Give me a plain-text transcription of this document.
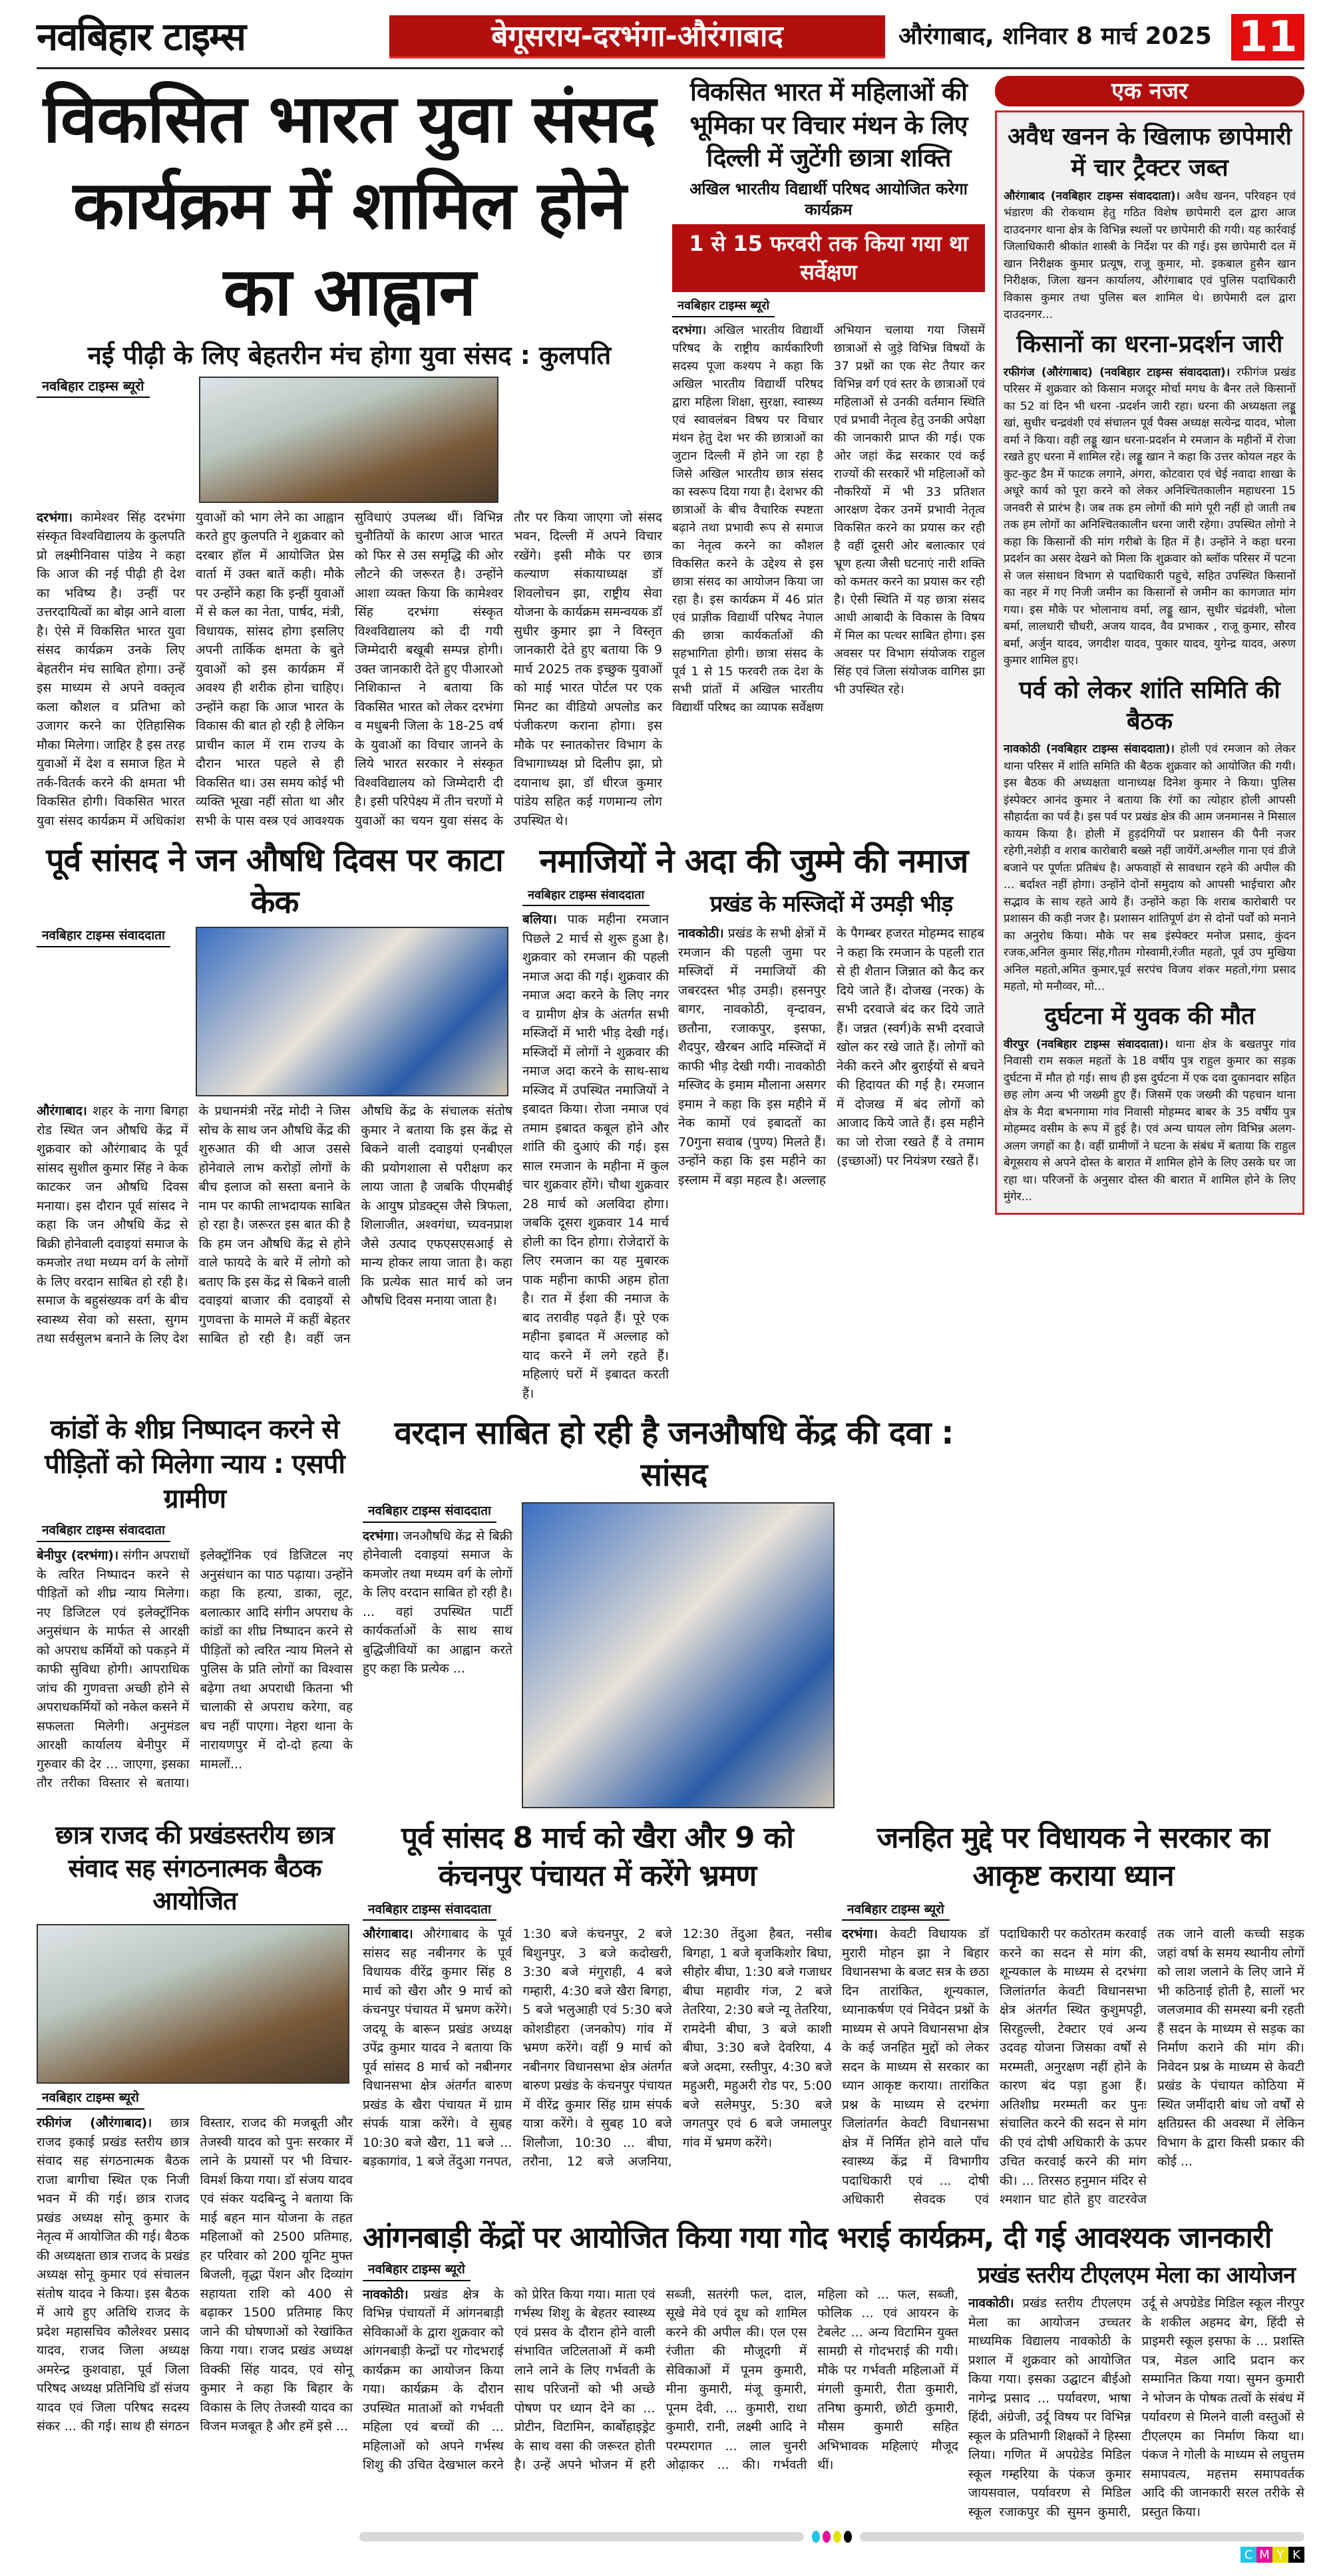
नवबिहार टाइम्स	बेगूसराय-दरभंगा-औरंगाबाद	औरंगाबाद, शनिवार 8 मार्च 2025 11
विकसित भारत युवा संसद कार्यक्रम में शामिल होने का आह्वान
नई पीढ़ी के लिए बेहतरीन मंच होगा युवा संसद : कुलपति
नवबिहार टाइम्स ब्यूरो

दरभंगा। कामेश्वर सिंह दरभंगा संस्कृत विश्वविद्यालय के कुलपति प्रो लक्ष्मीनिवास पांडेय ने कहा कि आज की नई पीढ़ी ही देश का भविष्य है। उन्हीं पर उत्तरदायित्वों का बोझ आने वाला है। ऐसे में विकसित भारत युवा संसद कार्यक्रम उनके लिए बेहतरीन मंच साबित होगा। उन्हें इस माध्यम से अपने वक्तृत्व कला कौशल व प्रतिभा को उजागर करने का ऐतिहासिक मौका मिलेगा। जाहिर है इस तरह युवाओं में देश व समाज हित मे तर्क-वितर्क करने की क्षमता भी विकसित होगी। विकसित भारत युवा संसद कार्यक्रम में अधिकांश युवाओं को भाग लेने का आह्वान करते हुए कुलपति ने शुक्रवार को दरबार हॉल में आयोजित प्रेस वार्ता में उक्त बातें कही। मौके पर उन्होंने कहा कि इन्हीं युवाओं में से कल का नेता, पार्षद, मंत्री, विधायक, सांसद होगा इसलिए अपनी तार्किक क्षमता के बुते युवाओं को इस कार्यक्रम में अवश्य ही शरीक होना चाहिए। उन्होंने कहा कि आज भारत के विकास की बात हो रही है लेकिन प्राचीन काल में राम राज्य के दौरान भारत पहले से ही विकसित था। उस समय कोई भी व्यक्ति भूखा नहीं सोता था और सभी के पास वस्त्र एवं आवश्यक सुविधाएं उपलब्ध थीं। विभिन्न चुनौतियों के कारण आज भारत को फिर से उस समृद्धि की ओर लौटने की जरूरत है। उन्होंने आशा व्यक्त किया कि कामेश्वर सिंह दरभंगा संस्कृत विश्वविद्यालय को दी गयी जिम्मेदारी बखूबी सम्पन्न होगी। उक्त जानकारी देते हुए पीआरओ निशिकान्त ने बताया कि विकसित भारत को लेकर दरभंगा व मधुबनी जिला के 18-25 वर्ष के युवाओं का विचार जानने के लिये भारत सरकार ने संस्कृत विश्वविद्यालय को जिम्मेदारी दी है। इसी परिपेक्ष्य में तीन चरणों मे युवाओं का चयन युवा संसद के तौर पर किया जाएगा जो संसद भवन, दिल्ली में अपने विचार रखेंगे। इसी मौके पर छात्र कल्याण संकायाध्यक्ष डॉ शिवलोचन झा, राष्ट्रीय सेवा योजना के कार्यक्रम समन्वयक डॉ सुधीर कुमार झा ने विस्तृत जानकारी देते हुए बताया कि 9 मार्च 2025 तक इच्छुक युवाओं को माई भारत पोर्टल पर एक मिनट का वीडियो अपलोड कर पंजीकरण कराना होगा। इस मौके पर स्नातकोत्तर विभाग के विभागाध्यक्ष प्रो दिलीप झा, प्रो दयानाथ झा, डॉ धीरज कुमार पांडेय सहित कई गणमान्य लोग उपस्थित थे।

विकसित भारत में महिलाओं की भूमिका पर विचार मंथन के लिए दिल्ली में जुटेंगी छात्रा शक्ति
अखिल भारतीय विद्यार्थी परिषद आयोजित करेगा कार्यक्रम
1 से 15 फरवरी तक किया गया था सर्वेक्षण
नवबिहार टाइम्स ब्यूरो

दरभंगा। अखिल भारतीय विद्यार्थी परिषद के राष्ट्रीय कार्यकारिणी सदस्य पूजा कश्यप ने कहा कि अखिल भारतीय विद्यार्थी परिषद द्वारा महिला शिक्षा, सुरक्षा, स्वास्थ्य एवं स्वावलंबन विषय पर विचार मंथन हेतु देश भर की छात्राओं का जुटान दिल्ली में होने जा रहा है जिसे अखिल भारतीय छात्र संसद का स्वरूप दिया गया है। देशभर की छात्राओं के बीच वैचारिक स्पष्टता बढ़ाने तथा प्रभावी रूप से समाज का नेतृत्व करने का कौशल विकसित करने के उद्देश्य से इस छात्रा संसद का आयोजन किया जा रहा है। इस कार्यक्रम में 46 प्रांत एवं प्राज्ञीक विद्यार्थी परिषद नेपाल की छात्रा कार्यकर्ताओं की सहभागिता होगी। छात्रा संसद के पूर्व 1 से 15 फरवरी तक देश के सभी प्रांतों में अखिल भारतीय विद्यार्थी परिषद का व्यापक सर्वेक्षण अभियान चलाया गया जिसमें छात्राओं से जुड़े विभिन्न विषयों के 37 प्रश्नों का एक सेट तैयार कर विभिन्न वर्ग एवं स्तर के छात्राओं एवं महिलाओं से उनकी वर्तमान स्थिति एवं प्रभावी नेतृत्व हेतु उनकी अपेक्षा की जानकारी प्राप्त की गई। एक ओर जहां केंद्र सरकार एवं कई राज्यों की सरकारें भी महिलाओं को नौकरियों में भी 33 प्रतिशत आरक्षण देकर उनमें प्रभावी नेतृत्व विकसित करने का प्रयास कर रही है वहीं दूसरी ओर बलात्कार एवं भ्रूण हत्या जैसी घटनाएं नारी शक्ति को कमतर करने का प्रयास कर रही है। ऐसी स्थिति में यह छात्रा संसद आधी आबादी के विकास के विषय में मिल का पत्थर साबित होगा। इस अवसर पर विभाग संयोजक राहुल सिंह एवं जिला संयोजक वागिस झा भी उपस्थित रहे।

पूर्व सांसद ने जन औषधि दिवस पर काटा केक
नवबिहार टाइम्स संवाददाता

औरंगाबाद। शहर के नागा बिगहा रोड स्थित जन औषधि केंद्र में शुक्रवार को औरंगाबाद के पूर्व सांसद सुशील कुमार सिंह ने केक काटकर जन औषधि दिवस मनाया। इस दौरान पूर्व सांसद ने कहा कि जन औषधि केंद्र से बिक्री होनेवाली दवाइयां समाज के कमजोर तथा मध्यम वर्ग के लोगों के लिए वरदान साबित हो रही है। समाज के बहुसंख्यक वर्ग के बीच स्वास्थ्य सेवा को सस्ता, सुगम तथा सर्वसुलभ बनाने के लिए देश के प्रधानमंत्री नरेंद्र मोदी ने जिस सोच के साथ जन औषधि केंद्र की शुरुआत की थी आज उससे होनेवाले लाभ करोड़ों लोगों के बीच इलाज को सस्ता बनाने के नाम पर काफी लाभदायक साबित हो रहा है। जरूरत इस बात की है कि हम जन औषधि केंद्र से होने वाले फायदे के बारे में लोगो को बताए कि इस केंद्र से बिकने वाली दवाइयां बाजार की दवाइयों से गुणवत्ता के मामले में कहीं बेहतर साबित हो रही है। वहीं जन औषधि केंद्र के संचालक संतोष कुमार ने बताया कि इस केंद्र से बिकने वाली दवाइयां एनबीएल की प्रयोगशाला से परीक्षण कर लाया जाता है जबकि पीएमबीई के आयुष प्रोडक्ट्स जैसे त्रिफला, शिलाजीत, अश्वगंधा, च्यवनप्राश जैसे उत्पाद एफएसएसआई से मान्य होकर लाया जाता है। कहा कि प्रत्येक सात मार्च को जन औषधि दिवस मनाया जाता है।

नमाजियों ने अदा की जुम्मे की नमाज
नवबिहार टाइम्स संवाददाता

बलिया। पाक महीना रमजान पिछले 2 मार्च से शुरू हुआ है। शुक्रवार को रमजान की पहली नमाज अदा की गई। शुक्रवार की नमाज अदा करने के लिए नगर व ग्रामीण क्षेत्र के अंतर्गत सभी मस्जिदों में भारी भीड़ देखी गई। मस्जिदों में लोगों ने शुक्रवार की नमाज अदा करने के साथ-साथ मस्जिद में उपस्थित नमाजियों ने इबादत किया। रोजा नमाज एवं तमाम इबादत कबूल होने और शांति की दुआएं की गई। इस साल रमजान के महीना में कुल चार शुक्रवार होंगे। चौथा शुक्रवार 28 मार्च को अलविदा होगा। जबकि दूसरा शुक्रवार 14 मार्च होली का दिन होगा। रोजेदारों के लिए रमजान का यह मुबारक पाक महीना काफी अहम होता है। रात में ईशा की नमाज के बाद तरावीह पढ़ते हैं। पूरे एक महीना इबादत में अल्लाह को याद करने में लगे रहते हैं। महिलाएं घरों में इबादत करती हैं।

प्रखंड के मस्जिदों में उमड़ी भीड़

नावकोठी। प्रखंड के सभी क्षेत्रों में रमजान की पहली जुमा पर मस्जिदों में नमाजियों की जबरदस्त भीड़ उमड़ी। हसनपुर बागर, नावकोठी, वृन्दावन, छतौना, रजाकपुर, इसफा, शैदपुर, खैरबन आदि मस्जिदों में काफी भीड़ देखी गयी। नावकोठी मस्जिद के इमाम मौलाना असगर इमाम ने कहा कि इस महीने में नेक कामों एवं इबादतों का 70गुना सवाब (पुण्य) मिलते हैं। उन्होंने कहा कि इस महीने का इस्लाम में बड़ा महत्व है। अल्लाह के पैगम्बर हजरत मोहम्मद साहब ने कहा कि रमजान के पहली रात से ही शैतान जिन्नात को कैद कर दिये जाते हैं। दोजख (नरक) के सभी दरवाजे बंद कर दिये जाते हैं। जन्नत (स्वर्ग)के सभी दरवाजे खोल कर रखे जाते हैं। लोगों को नेकी करने और बुराईयों से बचने की हिदायत की गई है। रमजान में दोजख में बंद लोगों को आजाद किये जाते हैं। इस महीने का जो रोजा रखते हैं वे तमाम (इच्छाओं) पर नियंत्रण रखते हैं।

कांडों के शीघ्र निष्पादन करने से पीड़ितों को मिलेगा न्याय : एसपी ग्रामीण
नवबिहार टाइम्स संवाददाता

बेनीपुर (दरभंगा)। संगीन अपराधों के त्वरित निष्पादन करने से पीड़ितों को शीघ्र न्याय मिलेगा। नए डिजिटल एवं इलेक्ट्रॉनिक अनुसंधान के मार्फत से आरक्षी को अपराध कर्मियों को पकड़ने में काफी सुविधा होगी। आपराधिक जांच की गुणवत्ता अच्छी होने से अपराधकर्मियों को नकेल कसने में सफलता मिलेगी। अनुमंडल आरक्षी कार्यालय बेनीपुर में गुरुवार की देर ... जाएगा, इसका तौर तरीका विस्तार से बताया। इलेक्ट्रॉनिक एवं डिजिटल नए अनुसंधान का पाठ पढ़ाया। उन्होंने कहा कि हत्या, डाका, लूट, बलात्कार आदि संगीन अपराध के कांडों का शीघ्र निष्पादन करने से पीड़ितों को त्वरित न्याय मिलने से पुलिस के प्रति लोगों का विश्वास बढ़ेगा तथा अपराधी कितना भी चालाकी से अपराध करेगा, वह बच नहीं पाएगा। नेहरा थाना के नारायणपुर में दो-दो हत्या के मामलों...

वरदान साबित हो रही है जनऔषधि केंद्र की दवा : सांसद
नवबिहार टाइम्स संवाददाता

दरभंगा। जनऔषधि केंद्र से बिक्री होनेवाली दवाइयां समाज के कमजोर तथा मध्यम वर्ग के लोगों के लिए वरदान साबित हो रही है। ... वहां उपस्थित पार्टी कार्यकर्ताओं के साथ साथ बुद्धिजीवियों का आह्वान करते हुए कहा कि प्रत्येक ...

एक नजर
अवैध खनन के खिलाफ छापेमारी में चार ट्रैक्टर जब्त

औरंगाबाद (नवबिहार टाइम्स संवाददाता)। अवैध खनन, परिवहन एवं भंडारण की रोकथाम हेतु गठित विशेष छापेमारी दल द्वारा आज दाउदनगर थाना क्षेत्र के विभिन्न स्थलों पर छापेमारी की गयी। यह कार्रवाई जिलाधिकारी श्रीकांत शास्त्री के निर्देश पर की गई। इस छापेमारी दल में खान निरीक्षक कुमार प्रत्यूष, राजू कुमार, मो. इकबाल हुसैन खान निरीक्षक, जिला खनन कार्यालय, औरंगाबाद एवं पुलिस पदाधिकारी विकास कुमार तथा पुलिस बल शामिल थे। छापेमारी दल द्वारा दाउदनगर...

किसानों का धरना-प्रदर्शन जारी

रफीगंज (औरंगाबाद) (नवबिहार टाइम्स संवाददाता)। रफीगंज प्रखंड परिसर में शुक्रवार को किसान मजदूर मोर्चा मगध के बैनर तले किसानों का 52 वां दिन भी धरना -प्रदर्शन जारी रहा। धरना की अध्यक्षता लड्डू खां, सुधीर चन्द्रवंशी एवं संचालन पूर्व पैक्स अध्यक्ष सत्येन्द्र यादव, भोला वर्मा ने किया। वही लड्डू खान धरना-प्रदर्शन मे रमजान के महीनों में रोजा रखते हुए धरना में शामिल रहे। लड्डू खान ने कहा कि उत्तर कोयल नहर के कुट-कुट डैम में फाटक लगाने, अंगरा, कोटवारा एवं चेई नवादा शाखा के अधूरे कार्य को पूरा करने को लेकर अनिश्चितकालीन महाधरना 15 जनवरी से प्रारंभ है। जब तक हम लोगों की मांगे पूरी नहीं हो जाती तब तक हम लोगों का अनिश्चितकालीन धरना जारी रहेगा। उपस्थित लोगो ने कहा कि किसानों की मांग गरीबो के हित में है। उन्होंने ने कहा धरना प्रदर्शन का असर देखने को मिला कि शुक्रवार को ब्लॉक परिसर में पटना से जल संसाधन विभाग से पदाधिकारी पहुचे, सहित उपस्थित किसानों का नहर में गए निजी जमीन का किसानों से जमीन का कागजात मांग गया। इस मौके पर भोलानाथ वर्मा, लड्डू खान, सुधीर चंद्रवंशी, भोला बर्मा, लालधारी चौधरी, अजय यादव, वैव प्रभाकर , राजू कुमार, सौरव बर्मा, अर्जुन यादव, जगदीश यादव, पुकार यादव, युगेन्द्र यादव, अरुण कुमार शामिल हुए।

पर्व को लेकर शांति समिति की बैठक

नावकोठी (नवबिहार टाइम्स संवाददाता)। होली एवं रमजान को लेकर थाना परिसर में शांति समिति की बैठक शुक्रवार को आयोजित की गयी। इस बैठक की अध्यक्षता थानाध्यक्ष दिनेश कुमार ने किया। पुलिस इंस्पेक्टर आनंद कुमार ने बताया कि रंगों का त्योहार होली आपसी सौहार्दता का पर्व है। इस पर्व पर प्रखंड क्षेत्र की आम जनमानस ने मिसाल कायम किया है। होली में हुड़दंगियों पर प्रशासन की पैनी नजर रहेगी,नशेड़ी व शराब कारोबारी बख्से नहीं जायेंगें.अश्लील गाना एवं डीजे बजाने पर पूर्णतः प्रतिबंध है। अफवाहों से सावधान रहने की अपील की ... बर्दाश्त नहीं होगा। उन्होंने दोनों समुदाय को आपसी भाईचारा और सद्भाव के साथ रहते आये हैं। उन्होंने कहा कि शराब कारोबारी पर प्रशासन की कड़ी नजर है। प्रशासन शांतिपूर्ण ढंग से दोनों पर्वों को मनाने का अनुरोध किया। मौके पर सब इंस्पेक्टर मनोज प्रसाद, कुंदन रजक,अनिल कुमार सिंह,गौतम गोस्वामी,रंजीत महतो, पूर्व उप मुखिया अनिल महतो,अमित कुमार,पूर्व सरपंच विजय शंकर महतो,गंगा प्रसाद महतो, मो मनौव्वर, मो...

दुर्घटना में युवक की मौत

वीरपुर (नवबिहार टाइम्स संवाददाता)। थाना क्षेत्र के बखतपुर गांव निवासी राम सकल महतों के 18 वर्षीय पुत्र राहुल कुमार का सड़क दुर्घटना में मौत हो गई। साथ ही इस दुर्घटना में एक दवा दुकानदार सहित छह लोग अन्य भी जख्मी हुए हैं। जिसमें एक जख्मी की पहचान थाना क्षेत्र के मैदा बभनगामा गांव निवासी मोहम्मद बाबर के 35 वर्षीय पुत्र मोहम्मद वसीम के रूप में हुई है। एवं अन्य घायल लोग विभिन्न अलग-अलग जगहों का है। वहीं ग्रामीणों ने घटना के संबंध में बताया कि राहुल बेगूसराय से अपने दोस्त के बारात में शामिल होने के लिए उसके घर जा रहा था। परिजनों के अनुसार दोस्त की बारात में शामिल होने के लिए मुंगेर...

छात्र राजद की प्रखंडस्तरीय छात्र संवाद सह संगठनात्मक बैठक आयोजित
नवबिहार टाइम्स ब्यूरो

रफीगंज (औरंगाबाद)। छात्र राजद इकाई प्रखंड स्तरीय छात्र संवाद सह संगठनात्मक बैठक राजा बागीचा स्थित एक निजी भवन में की गई। छात्र राजद प्रखंड अध्यक्ष सोनू कुमार के नेतृत्व में आयोजित की गई। बैठक की अध्यक्षता छात्र राजद के प्रखंड अध्यक्ष सोनू कुमार एवं संचालन संतोष यादव ने किया। इस बैठक में आये हुए अतिथि राजद के प्रदेश महासचिव कौलेश्वर प्रसाद यादव, राजद जिला अध्यक्ष अमरेन्द्र कुशवाहा, पूर्व जिला परिषद अध्यक्ष प्रतिनिधि डॉ संजय यादव एवं जिला परिषद सदस्य संकर ... की गई। साथ ही संगठन विस्तार, राजद की मजबूती और तेजस्वी यादव को पुनः सरकार में लाने के प्रयासों पर भी विचार-विमर्श किया गया। डॉ संजय यादव एवं संकर यदबिन्दु ने बताया कि माई बहन मान योजना के तहत महिलाओं को 2500 प्रतिमाह, हर परिवार को 200 यूनिट मुफ्त बिजली, वृद्धा पेंशन और दिव्यांग सहायता राशि को 400 से बढ़ाकर 1500 प्रतिमाह किए जाने की घोषणाओं को रेखांकित किया गया। राजद प्रखंड अध्यक्ष विक्की सिंह यादव, एवं सोनू कुमार ने कहा कि बिहार के विकास के लिए तेजस्वी यादव का विजन मजबूत है और हमें इसे ...

पूर्व सांसद 8 मार्च को खैरा और 9 को कंचनपुर पंचायत में करेंगे भ्रमण
नवबिहार टाइम्स संवाददाता

औरंगाबाद। औरंगाबाद के पूर्व सांसद सह नबीनगर के पूर्व विधायक वीरेंद्र कुमार सिंह 8 मार्च को खैरा और 9 मार्च को कंचनपुर पंचायत में भ्रमण करेंगे। जदयू के बारून प्रखंड अध्यक्ष उपेंद्र कुमार यादव ने बताया कि पूर्व सांसद 8 मार्च को नबीनगर विधानसभा क्षेत्र अंतर्गत बारुण प्रखंड के खैरा पंचायत में ग्राम संपर्क यात्रा करेंगे। वे सुबह 10:30 बजे खैरा, 11 बजे ... बड़कागांव, 1 बजे तेंदुआ गनपत, 1:30 बजे कंचनपुर, 2 बजे बिशुनपुर, 3 बजे कदोखरी, 3:30 बजे मंगुराही, 4 बजे गम्हारी, 4:30 बजे खैरा बिगहा, 5 बजे भलुआही एवं 5:30 बजे कोशडीहरा (जनकोप) गांव में भ्रमण करेंगे। वहीं 9 मार्च को नबीनगर विधानसभा क्षेत्र अंतर्गत बारुण प्रखंड के कंचनपुर पंचायत में वीरेंद्र कुमार सिंह ग्राम संपर्क यात्रा करेंगे। वे सुबह 10 बजे शिलौजा, 10:30 ... बीघा, तरौना, 12 बजे अजनिया, 12:30 तेंदुआ हैबत, नसीब बिगहा, 1 बजे बृजकिशोर बिघा, सीहोर बीघा, 1:30 बजे गजाधर बीघा महावीर गंज, 2 बजे तेतरिया, 2:30 बजे न्यू तेतरिया, रामदेनी बीघा, 3 बजे काशी बीघा, 3:30 बजे देवरिया, 4 बजे अदमा, रस्तीपुर, 4:30 बजे महुअरी, महुअरी रोड पर, 5:00 बजे सलेमपुर, 5:30 बजे जगतपुर एवं 6 बजे जमालपुर गांव में भ्रमण करेंगे।

जनहित मुद्दे पर विधायक ने सरकार का आकृष्ट कराया ध्यान
नवबिहार टाइम्स ब्यूरो

दरभंगा। केवटी विधायक डॉ मुरारी मोहन झा ने बिहार विधानसभा के बजट सत्र के छठा दिन तारांकित, शून्यकाल, ध्यानाकर्षण एवं निवेदन प्रश्नों के माध्यम से अपने विधानसभा क्षेत्र के कई जनहित मुद्दों को लेकर सदन के माध्यम से सरकार का ध्यान आकृष्ट कराया। तारांकित प्रश्न के माध्यम से दरभंगा जिलांतर्गत केवटी विधानसभा क्षेत्र में निर्मित होने वाले पाँच स्वास्थ्य केंद्र में विभागीय पदाधिकारी एवं ... दोषी अधिकारी सेवदक एवं पदाधिकारी पर कठोरतम करवाई करने का सदन से मांग की, शून्यकाल के माध्यम से दरभंगा जिलांतर्गत केवटी विधानसभा क्षेत्र अंतर्गत स्थित कुशुमपट्टी, सिरहुल्ली, टेक्टार एवं अन्य उदवह योजना जिसका वर्षों से मरम्मती, अनुरक्षण नहीं होने के कारण बंद पड़ा हुआ हैं। अतिशीघ्र मरम्मती कर पुनः संचालित करने की सदन से मांग की एवं दोषी अधिकारी के ऊपर उचित करवाई करने की मांग की। ... तिरसठ हनुमान मंदिर से श्मशान घाट होते हुए वाटरवेज तक जाने वाली कच्ची सड़क जहां वर्षा के समय स्थानीय लोगों को लाश जलाने के लिए जाने में भी कठिनाई होती है, सालों भर जलजमाव की समस्या बनी रहती हैं सदन के माध्यम से सड़क का निर्माण कराने की मांग की। निवेदन प्रश्न के माध्यम से केवटी प्रखंड के पंचायत कोठिया में स्थित जमींदारी बांध जो वर्षों से क्षतिग्रस्त की अवस्था में लेकिन विभाग के द्वारा किसी प्रकार की कोई ...

आंगनबाड़ी केंद्रों पर आयोजित किया गया गोद भराई कार्यक्रम, दी गई आवश्यक जानकारी
नवबिहार टाइम्स ब्यूरो

नावकोठी। प्रखंड क्षेत्र के विभिन्न पंचायतों में आंगनबाड़ी सेविकाओं के द्वारा शुक्रवार को आंगनबाड़ी केन्द्रों पर गोदभराई कार्यक्रम का आयोजन किया गया। कार्यक्रम के दौरान उपस्थित माताओं को गर्भवती महिला एवं बच्चों की ... महिलाओं को अपने गर्भस्थ शिशु की उचित देखभाल करने को प्रेरित किया गया। माता एवं गर्भस्थ शिशु के बेहतर स्वास्थ्य एवं प्रसव के दौरान होने वाली संभावित जटिलताओं में कमी लाने लाने के लिए गर्भवती के साथ परिजनों को भी अच्छे पोषण पर ध्यान देने का ... प्रोटीन, विटामिन, कार्बोहाइड्रेट के साथ वसा की जरूरत होती है। उन्हें अपने भोजन में हरी सब्जी, सतरंगी फल, दाल, सूखे मेवे एवं दूध को शामिल करने की अपील की। एल एस रंजीता की मौजूदगी में सेविकाओं में पूनम कुमारी, मीना कुमारी, मंजू कुमारी, पूनम देवी, ... कुमारी, राधा कुमारी, रानी, लक्ष्मी आदि ने परम्परागत ... लाल चुनरी ओढ़ाकर ... की। गर्भवती महिला को ... फल, सब्जी, फोलिक ... एवं आयरन के टेबलेट ... अन्य विटामिन युक्त सामग्री से गोदभराई की गयी। मौके पर गर्भवती महिलाओं में मंगली कुमारी, रीता कुमारी, तनिषा कुमारी, छोटी कुमारी, मौसम कुमारी सहित अभिभावक महिलाएं मौजूद थीं।

प्रखंड स्तरीय टीएलएम मेला का आयोजन

नावकोठी। प्रखंड स्तरीय टीएलएम मेला का आयोजन उच्चतर माध्यमिक विद्यालय नावकोठी के प्रशाल में शुक्रवार को आयोजित किया गया। इसका उद्घाटन बीईओ नागेन्द्र प्रसाद ... पर्यावरण, भाषा हिंदी, अंग्रेजी, उर्दू विषय पर विभिन्न स्कूल के प्रतिभागी शिक्षकों ने हिस्सा लिया। गणित में अपग्रेडेड मिडिल स्कूल गम्हरिया के पंकज कुमार जायसवाल, पर्यावरण से मिडिल स्कूल रजाकपुर की सुमन कुमारी, उर्दू से अपग्रेडेड मिडिल स्कूल नीरपुर के शकील अहमद बेग, हिंदी से प्राइमरी स्कूल इसफा के ... प्रशस्ति पत्र, मेडल आदि प्रदान कर सम्मानित किया गया। सुमन कुमारी ने भोजन के पोषक तत्वों के संबंध में पर्यावरण से मिलने वाली वस्तुओं से टीएलएम का निर्माण किया था। पंकज ने गोली के माध्यम से लघुत्तम समापवत्य, महत्तम समापवर्तक आदि की जानकारी सरल तरीके से प्रस्तुत किया।

C M Y K
